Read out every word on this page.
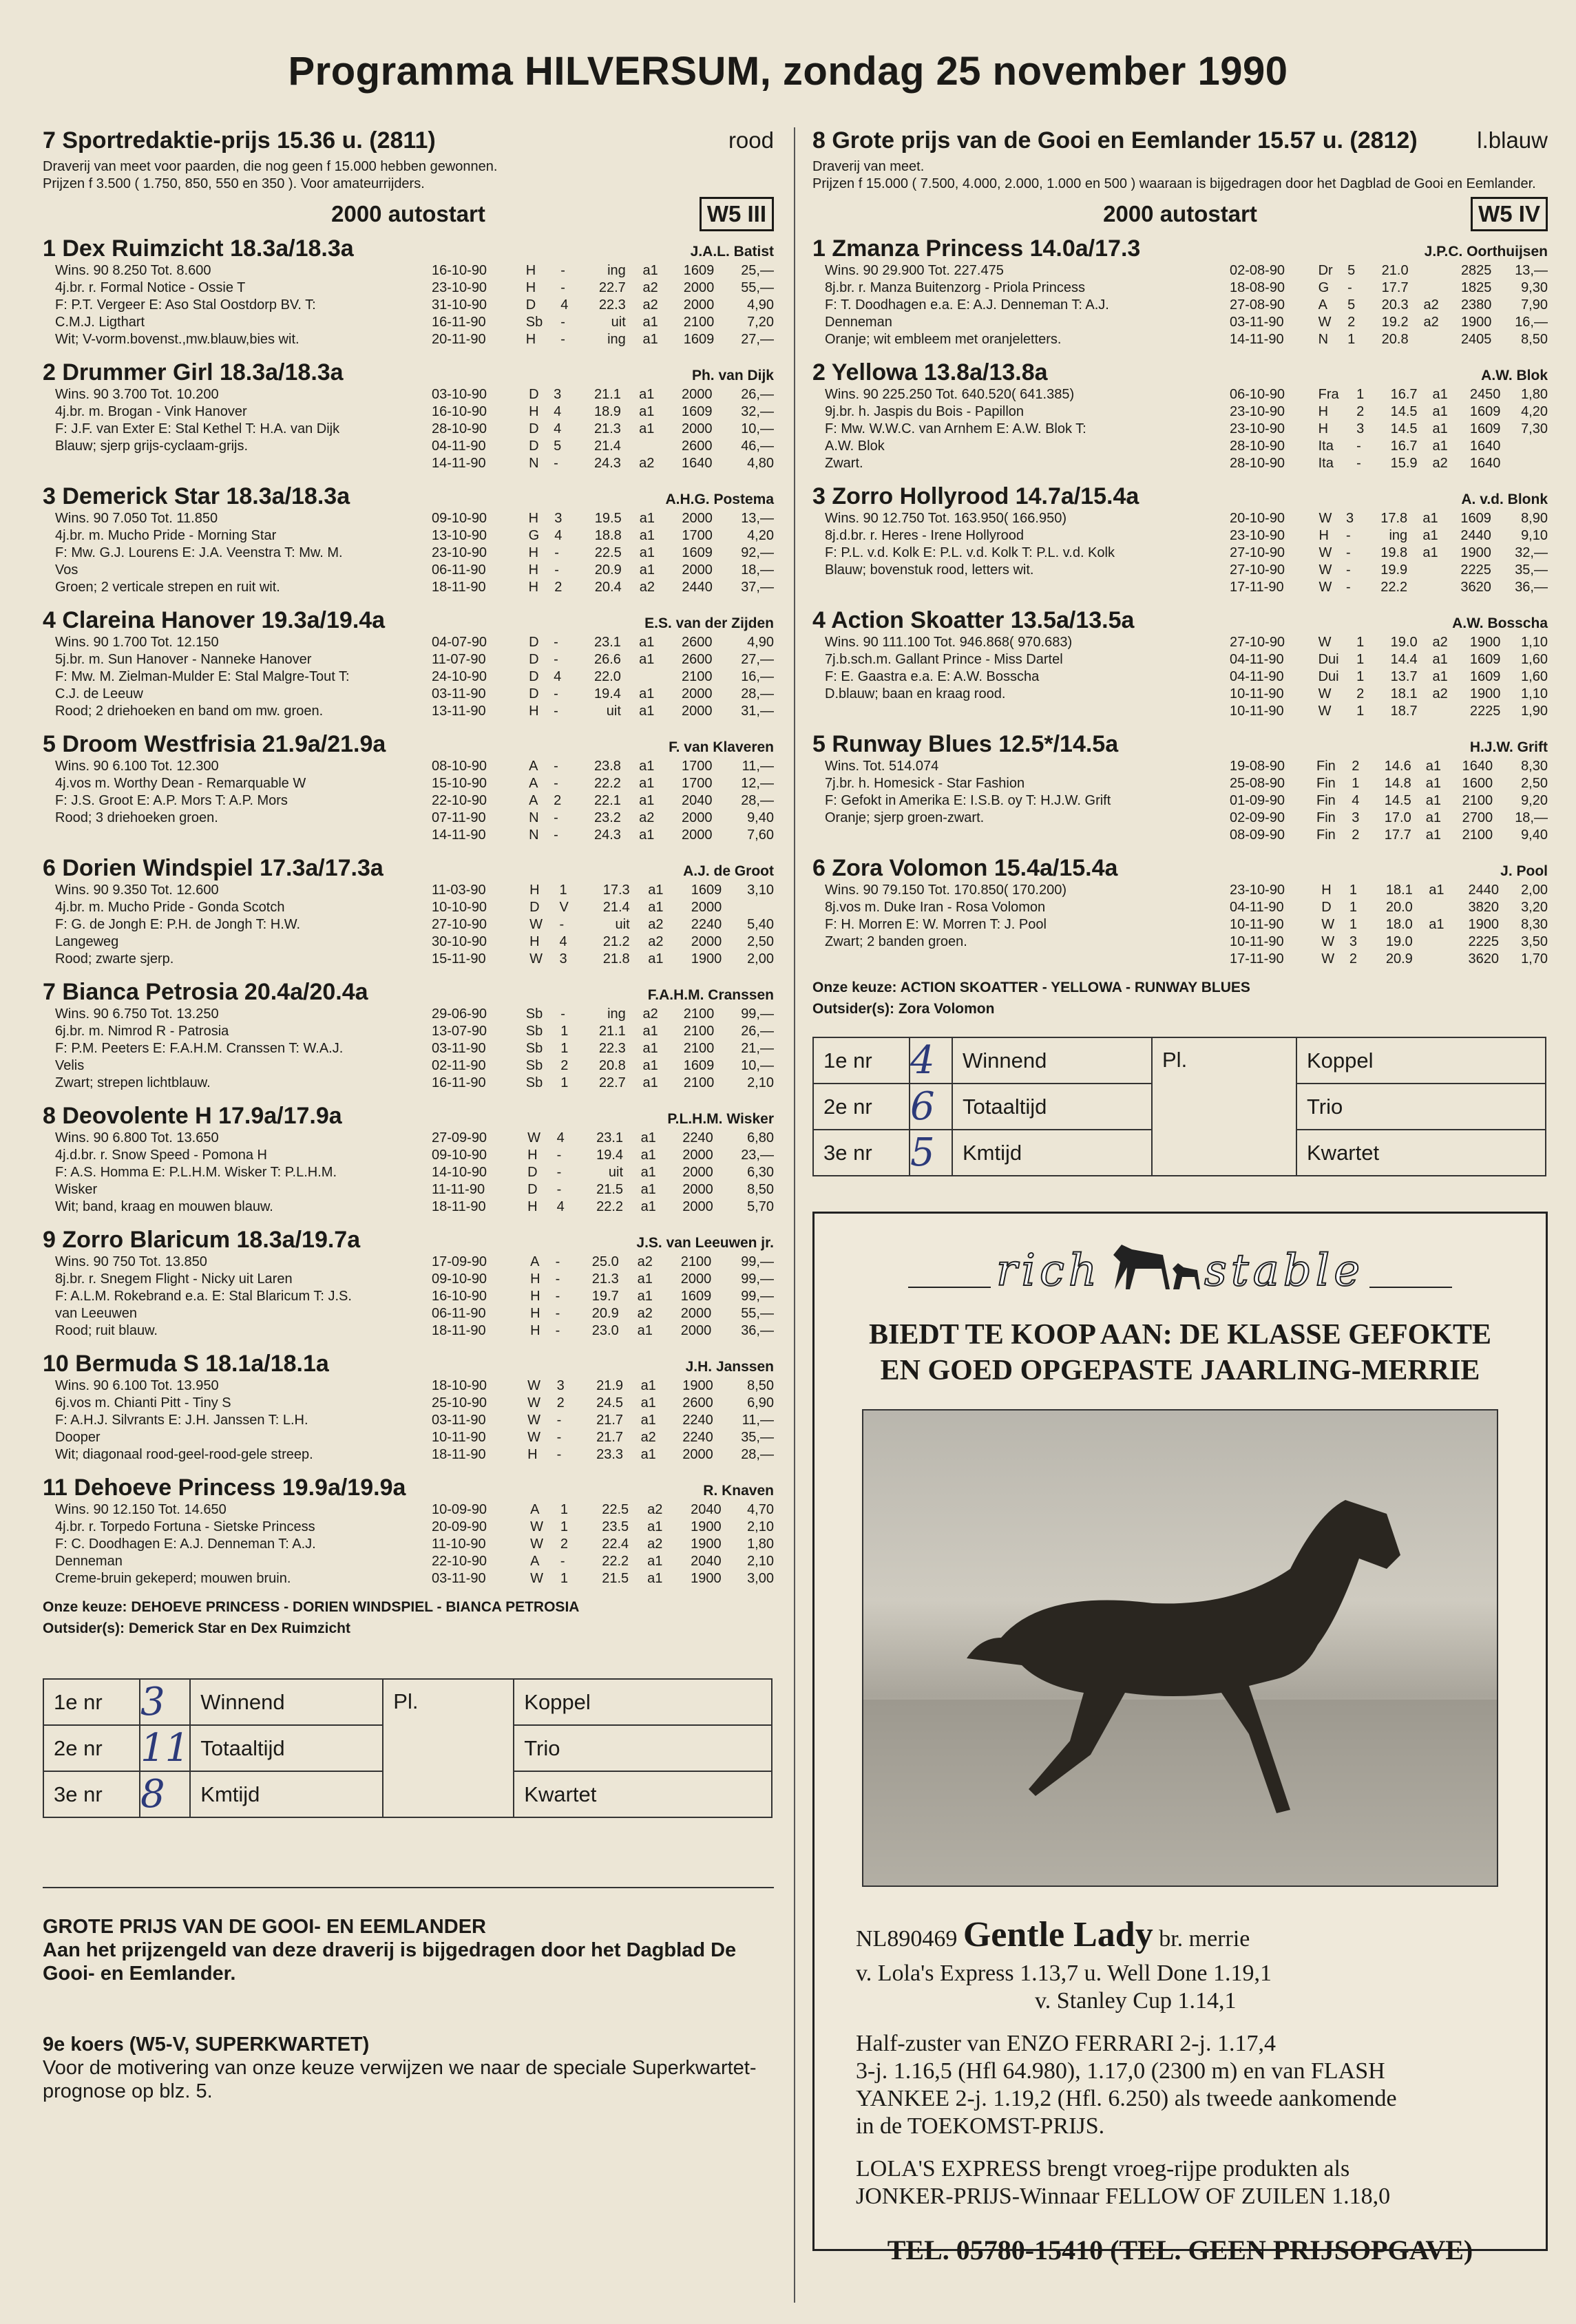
Programma HILVERSUM, zondag 25 november 1990
7 Sportredaktie-prijs 15.36 u. (2811)	rood
Draverij van meet voor paarden, die nog geen f 15.000 hebben gewonnen.
Prijzen f 3.500 ( 1.750, 850, 550 en 350 ). Voor amateurrijders.
2000 autostart	W5 III
1 Dex Ruimzicht 18.3a/18.3a	J.A.L. Batist
Wins. 90 8.250 Tot. 8.600
4j.br. r. Formal Notice - Ossie T
F: P.T. Vergeer E: Aso Stal Oostdorp BV. T:
C.M.J. Ligthart
Wit; V-vorm.bovenst.,mw.blauw,bies wit.
16-10-90	H	-	ing	a1	1609	25,—
23-10-90	H	-	22.7	a2	2000	55,—
31-10-90	D	4	22.3	a2	2000	4,90
16-11-90	Sb	-	uit	a1	2100	7,20
20-11-90	H	-	ing	a1	1609	27,—
2 Drummer Girl 18.3a/18.3a	Ph. van Dijk
Wins. 90 3.700 Tot. 10.200
4j.br. m. Brogan - Vink Hanover
F: J.F. van Exter E: Stal Kethel T: H.A. van Dijk
Blauw; sjerp grijs-cyclaam-grijs.
03-10-90	D	3	21.1	a1	2000	26,—
16-10-90	H	4	18.9	a1	1609	32,—
28-10-90	D	4	21.3	a1	2000	10,—
04-11-90	D	5	21.4		2600	46,—
14-11-90	N	-	24.3	a2	1640	4,80
3 Demerick Star 18.3a/18.3a	A.H.G. Postema
Wins. 90 7.050 Tot. 11.850
4j.br. m. Mucho Pride - Morning Star
F: Mw. G.J. Lourens E: J.A. Veenstra T: Mw. M.
Vos
Groen; 2 verticale strepen en ruit wit.
09-10-90	H	3	19.5	a1	2000	13,—
13-10-90	G	4	18.8	a1	1700	4,20
23-10-90	H	-	22.5	a1	1609	92,—
06-11-90	H	-	20.9	a1	2000	18,—
18-11-90	H	2	20.4	a2	2440	37,—
4 Clareina Hanover 19.3a/19.4a	E.S. van der Zijden
Wins. 90 1.700 Tot. 12.150
5j.br. m. Sun Hanover - Nanneke Hanover
F: Mw. M. Zielman-Mulder E: Stal Malgre-Tout T:
C.J. de Leeuw
Rood; 2 driehoeken en band om mw. groen.
04-07-90	D	-	23.1	a1	2600	4,90
11-07-90	D	-	26.6	a1	2600	27,—
24-10-90	D	4	22.0		2100	16,—
03-11-90	D	-	19.4	a1	2000	28,—
13-11-90	H	-	uit	a1	2000	31,—
5 Droom Westfrisia 21.9a/21.9a	F. van Klaveren
Wins. 90 6.100 Tot. 12.300
4j.vos m. Worthy Dean - Remarquable W
F: J.S. Groot E: A.P. Mors T: A.P. Mors
Rood; 3 driehoeken groen.
08-10-90	A	-	23.8	a1	1700	11,—
15-10-90	A	-	22.2	a1	1700	12,—
22-10-90	A	2	22.1	a1	2040	28,—
07-11-90	N	-	23.2	a2	2000	9,40
14-11-90	N	-	24.3	a1	2000	7,60
6 Dorien Windspiel 17.3a/17.3a	A.J. de Groot
Wins. 90 9.350 Tot. 12.600
4j.br. m. Mucho Pride - Gonda Scotch
F: G. de Jongh E: P.H. de Jongh T: H.W.
Langeweg
Rood; zwarte sjerp.
11-03-90	H	1	17.3	a1	1609	3,10
10-10-90	D	V	21.4	a1	2000	
27-10-90	W	-	uit	a2	2240	5,40
30-10-90	H	4	21.2	a2	2000	2,50
15-11-90	W	3	21.8	a1	1900	2,00
7 Bianca Petrosia 20.4a/20.4a	F.A.H.M. Cranssen
Wins. 90 6.750 Tot. 13.250
6j.br. m. Nimrod R - Patrosia
F: P.M. Peeters E: F.A.H.M. Cranssen T: W.A.J.
Velis
Zwart; strepen lichtblauw.
29-06-90	Sb	-	ing	a2	2100	99,—
13-07-90	Sb	1	21.1	a1	2100	26,—
03-11-90	Sb	1	22.3	a1	2100	21,—
02-11-90	Sb	2	20.8	a1	1609	10,—
16-11-90	Sb	1	22.7	a1	2100	2,10
8 Deovolente H 17.9a/17.9a	P.L.H.M. Wisker
Wins. 90 6.800 Tot. 13.650
4j.d.br. r. Snow Speed - Pomona H
F: A.S. Homma E: P.L.H.M. Wisker T: P.L.H.M.
Wisker
Wit; band, kraag en mouwen blauw.
27-09-90	W	4	23.1	a1	2240	6,80
09-10-90	H	-	19.4	a1	2000	23,—
14-10-90	D	-	uit	a1	2000	6,30
11-11-90	D	-	21.5	a1	2000	8,50
18-11-90	H	4	22.2	a1	2000	5,70
9 Zorro Blaricum 18.3a/19.7a	J.S. van Leeuwen jr.
Wins. 90 750 Tot. 13.850
8j.br. r. Snegem Flight - Nicky uit Laren
F: A.L.M. Rokebrand e.a. E: Stal Blaricum T: J.S.
van Leeuwen
Rood; ruit blauw.
17-09-90	A	-	25.0	a2	2100	99,—
09-10-90	H	-	21.3	a1	2000	99,—
16-10-90	H	-	19.7	a1	1609	99,—
06-11-90	H	-	20.9	a2	2000	55,—
18-11-90	H	-	23.0	a1	2000	36,—
10 Bermuda S 18.1a/18.1a	J.H. Janssen
Wins. 90 6.100 Tot. 13.950
6j.vos m. Chianti Pitt - Tiny S
F: A.H.J. Silvrants E: J.H. Janssen T: L.H.
Dooper
Wit; diagonaal rood-geel-rood-gele streep.
18-10-90	W	3	21.9	a1	1900	8,50
25-10-90	W	2	24.5	a1	2600	6,90
03-11-90	W	-	21.7	a1	2240	11,—
10-11-90	W	-	21.7	a2	2240	35,—
18-11-90	H	-	23.3	a1	2000	28,—
11 Dehoeve Princess 19.9a/19.9a	R. Knaven
Wins. 90 12.150 Tot. 14.650
4j.br. r. Torpedo Fortuna - Sietske Princess
F: C. Doodhagen E: A.J. Denneman T: A.J.
Denneman
Creme-bruin gekeperd; mouwen bruin.
10-09-90	A	1	22.5	a2	2040	4,70
20-09-90	W	1	23.5	a1	1900	2,10
11-10-90	W	2	22.4	a2	1900	1,80
22-10-90	A	-	22.2	a1	2040	2,10
03-11-90	W	1	21.5	a1	1900	3,00
Onze keuze: DEHOEVE PRINCESS - DORIEN WINDSPIEL - BIANCA PETROSIA
Outsider(s): Demerick Star en Dex Ruimzicht
1e nr	3	Winnend	Pl.	Koppel
2e nr	11	Totaaltijd		Trio
3e nr	8	Kmtijd		Kwartet
GROTE PRIJS VAN DE GOOI- EN EEMLANDER

Aan het prijzengeld van deze draverij is bijgedragen door het Dagblad De Gooi- en Eemlander.

9e koers (W5-V, SUPERKWARTET)

Voor de motivering van onze keuze verwijzen we naar de speciale Superkwartet-prognose op blz. 5.

8 Grote prijs van de Gooi en Eemlander 15.57 u. (2812)	l.blauw
Draverij van meet.
Prijzen f 15.000 ( 7.500, 4.000, 2.000, 1.000 en 500 ) waaraan is bijgedragen door het Dagblad de Gooi en Eemlander.
2000 autostart	W5 IV
1 Zmanza Princess 14.0a/17.3	J.P.C. Oorthuijsen
Wins. 90 29.900 Tot. 227.475
8j.br. r. Manza Buitenzorg - Priola Princess
F: T. Doodhagen e.a. E: A.J. Denneman T: A.J.
Denneman
Oranje; wit embleem met oranjeletters.
02-08-90	Dr	5	21.0		2825	13,—
18-08-90	G	-	17.7		1825	9,30
27-08-90	A	5	20.3	a2	2380	7,90
03-11-90	W	2	19.2	a2	1900	16,—
14-11-90	N	1	20.8		2405	8,50
2 Yellowa 13.8a/13.8a	A.W. Blok
Wins. 90 225.250 Tot. 640.520( 641.385)
9j.br. h. Jaspis du Bois - Papillon
F: Mw. W.W.C. van Arnhem E: A.W. Blok T:
A.W. Blok
Zwart.
06-10-90	Fra	1	16.7	a1	2450	1,80
23-10-90	H	2	14.5	a1	1609	4,20
23-10-90	H	3	14.5	a1	1609	7,30
28-10-90	Ita	-	16.7	a1	1640	
28-10-90	Ita	-	15.9	a2	1640	
3 Zorro Hollyrood 14.7a/15.4a	A. v.d. Blonk
Wins. 90 12.750 Tot. 163.950( 166.950)
8j.d.br. r. Heres - Irene Hollyrood
F: P.L. v.d. Kolk E: P.L. v.d. Kolk T: P.L. v.d. Kolk
Blauw; bovenstuk rood, letters wit.
20-10-90	W	3	17.8	a1	1609	8,90
23-10-90	H	-	ing	a1	2440	9,10
27-10-90	W	-	19.8	a1	1900	32,—
27-10-90	W	-	19.9		2225	35,—
17-11-90	W	-	22.2		3620	36,—
4 Action Skoatter 13.5a/13.5a	A.W. Bosscha
Wins. 90 111.100 Tot. 946.868( 970.683)
7j.b.sch.m. Gallant Prince - Miss Dartel
F: E. Gaastra e.a. E: A.W. Bosscha
D.blauw; baan en kraag rood.
27-10-90	W	1	19.0	a2	1900	1,10
04-11-90	Dui	1	14.4	a1	1609	1,60
04-11-90	Dui	1	13.7	a1	1609	1,60
10-11-90	W	2	18.1	a2	1900	1,10
10-11-90	W	1	18.7		2225	1,90
5 Runway Blues 12.5*/14.5a	H.J.W. Grift
Wins. Tot. 514.074
7j.br. h. Homesick - Star Fashion
F: Gefokt in Amerika E: I.S.B. oy T: H.J.W. Grift
Oranje; sjerp groen-zwart.
19-08-90	Fin	2	14.6	a1	1640	8,30
25-08-90	Fin	1	14.8	a1	1600	2,50
01-09-90	Fin	4	14.5	a1	2100	9,20
02-09-90	Fin	3	17.0	a1	2700	18,—
08-09-90	Fin	2	17.7	a1	2100	9,40
6 Zora Volomon 15.4a/15.4a	J. Pool
Wins. 90 79.150 Tot. 170.850( 170.200)
8j.vos m. Duke Iran - Rosa Volomon
F: H. Morren E: W. Morren T: J. Pool
Zwart; 2 banden groen.
23-10-90	H	1	18.1	a1	2440	2,00
04-11-90	D	1	20.0		3820	3,20
10-11-90	W	1	18.0	a1	1900	8,30
10-11-90	W	3	19.0		2225	3,50
17-11-90	W	2	20.9		3620	1,70
Onze keuze: ACTION SKOATTER - YELLOWA - RUNWAY BLUES
Outsider(s): Zora Volomon
1e nr	4	Winnend	Pl.	Koppel
2e nr	6	Totaaltijd		Trio
3e nr	5	Kmtijd		Kwartet
rich stable
BIEDT TE KOOP AAN: DE KLASSE GEFOKTE
EN GOED OPGEPASTE JAARLING-MERRIE
NL890469 Gentle Lady br. merrie
v. Lola's Express 1.13,7 u. Well Done 1.19,1
v. Stanley Cup 1.14,1
Half-zuster van ENZO FERRARI 2-j. 1.17,4
3-j. 1.16,5 (Hfl 64.980), 1.17,0 (2300 m) en van FLASH
YANKEE 2-j. 1.19,2 (Hfl. 6.250) als tweede aankomende
in de TOEKOMST-PRIJS.
LOLA'S EXPRESS brengt vroeg-rijpe produkten als
JONKER-PRIJS-Winnaar FELLOW OF ZUILEN 1.18,0
TEL. 05780-15410 (TEL. GEEN PRIJSOPGAVE)
